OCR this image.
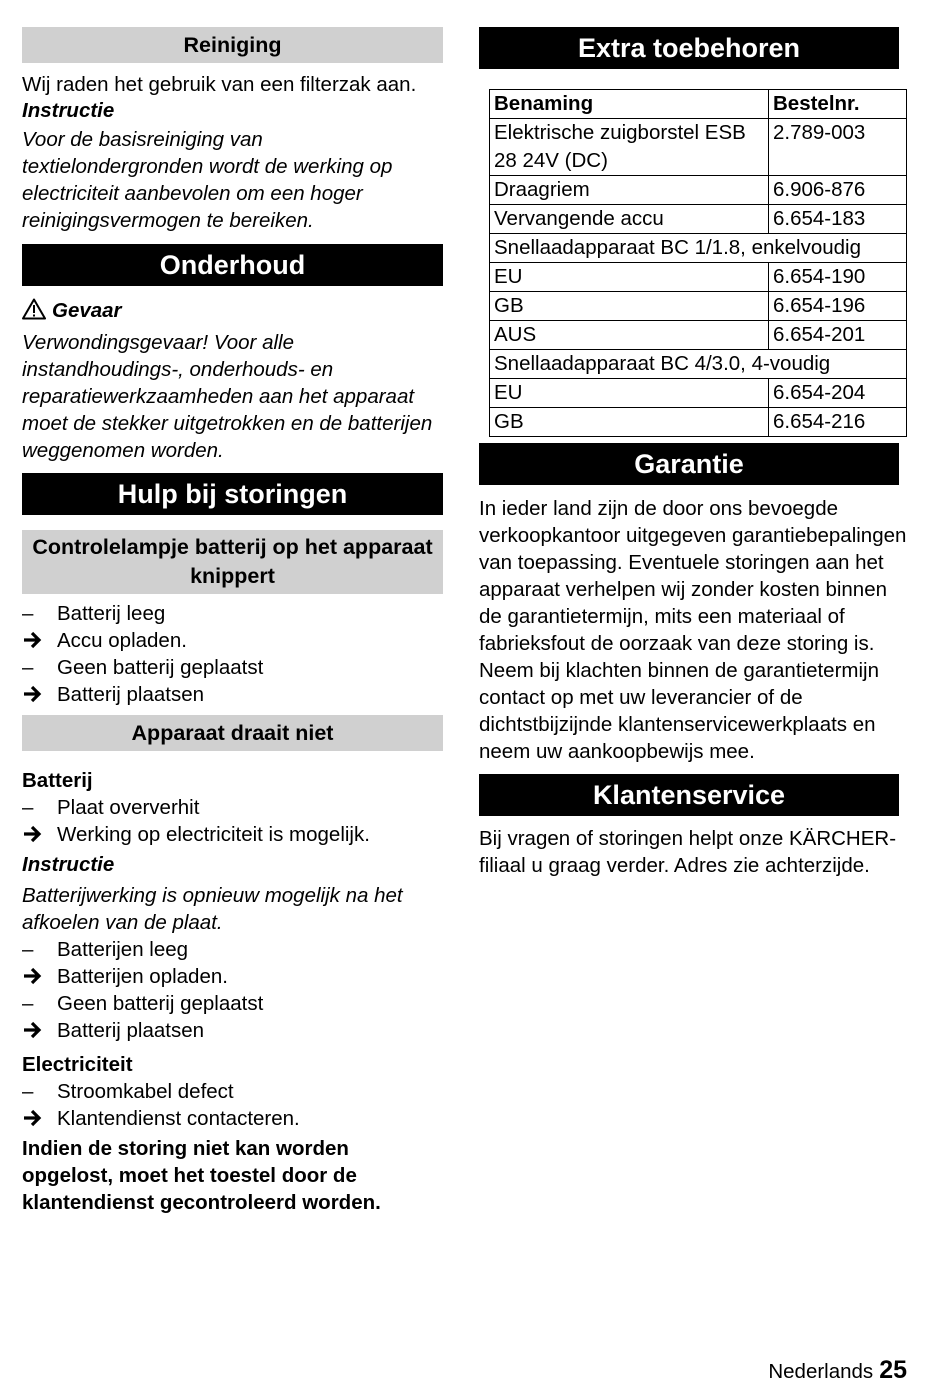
Reiniging

Wij raden het gebruik van een filterzak aan.

Instructie

Voor de basisreiniging van textielondergronden wordt de werking op electriciteit aanbevolen om een hoger reinigingsvermogen te bereiken.

Onderhoud

Gevaar

Verwondingsgevaar! Voor alle instandhoudings-, onderhouds- en reparatiewerkzaamheden aan het apparaat moet de stekker uitgetrokken en de batterijen weggenomen worden.

Hulp bij storingen
Controlelampje batterij op het apparaat knippert
–	Batterij leeg
Accu opladen.
–	Geen batterij geplaatst
Batterij plaatsen
Apparaat draait niet

Batterij

–	Plaat oververhit
Werking op electriciteit is mogelijk.

Instructie

Batterijwerking is opnieuw mogelijk na het afkoelen van de plaat.

–	Batterijen leeg
Batterijen opladen.
–	Geen batterij geplaatst
Batterij plaatsen

Electriciteit

–	Stroomkabel defect
Klantendienst contacteren.

Indien de storing niet kan worden opgelost, moet het toestel door de klantendienst gecontroleerd worden.

Extra toebehoren
Benaming	Bestelnr.
Elektrische zuigborstel ESB 28 24V (DC)	2.789-003
Draagriem	6.906-876
Vervangende accu	6.654-183
Snellaadapparaat BC 1/1.8, enkelvoudig	
EU	6.654-190
GB	6.654-196
AUS	6.654-201
Snellaadapparaat BC 4/3.0, 4-voudig	
EU	6.654-204
GB	6.654-216
Garantie

In ieder land zijn de door ons bevoegde verkoopkantoor uitgegeven garantiebepalingen van toepassing. Eventuele storingen aan het apparaat verhelpen wij zonder kosten binnen de garantietermijn, mits een materiaal of fabrieksfout de oorzaak van deze storing is. Neem bij klachten binnen de garantietermijn contact op met uw leverancier of de dichtstbijzijnde klantenservicewerkplaats en neem uw aankoopbewijs mee.

Klantenservice

Bij vragen of storingen helpt onze KÄRCHER-filiaal u graag verder. Adres zie achterzijde.

Nederlands 25
